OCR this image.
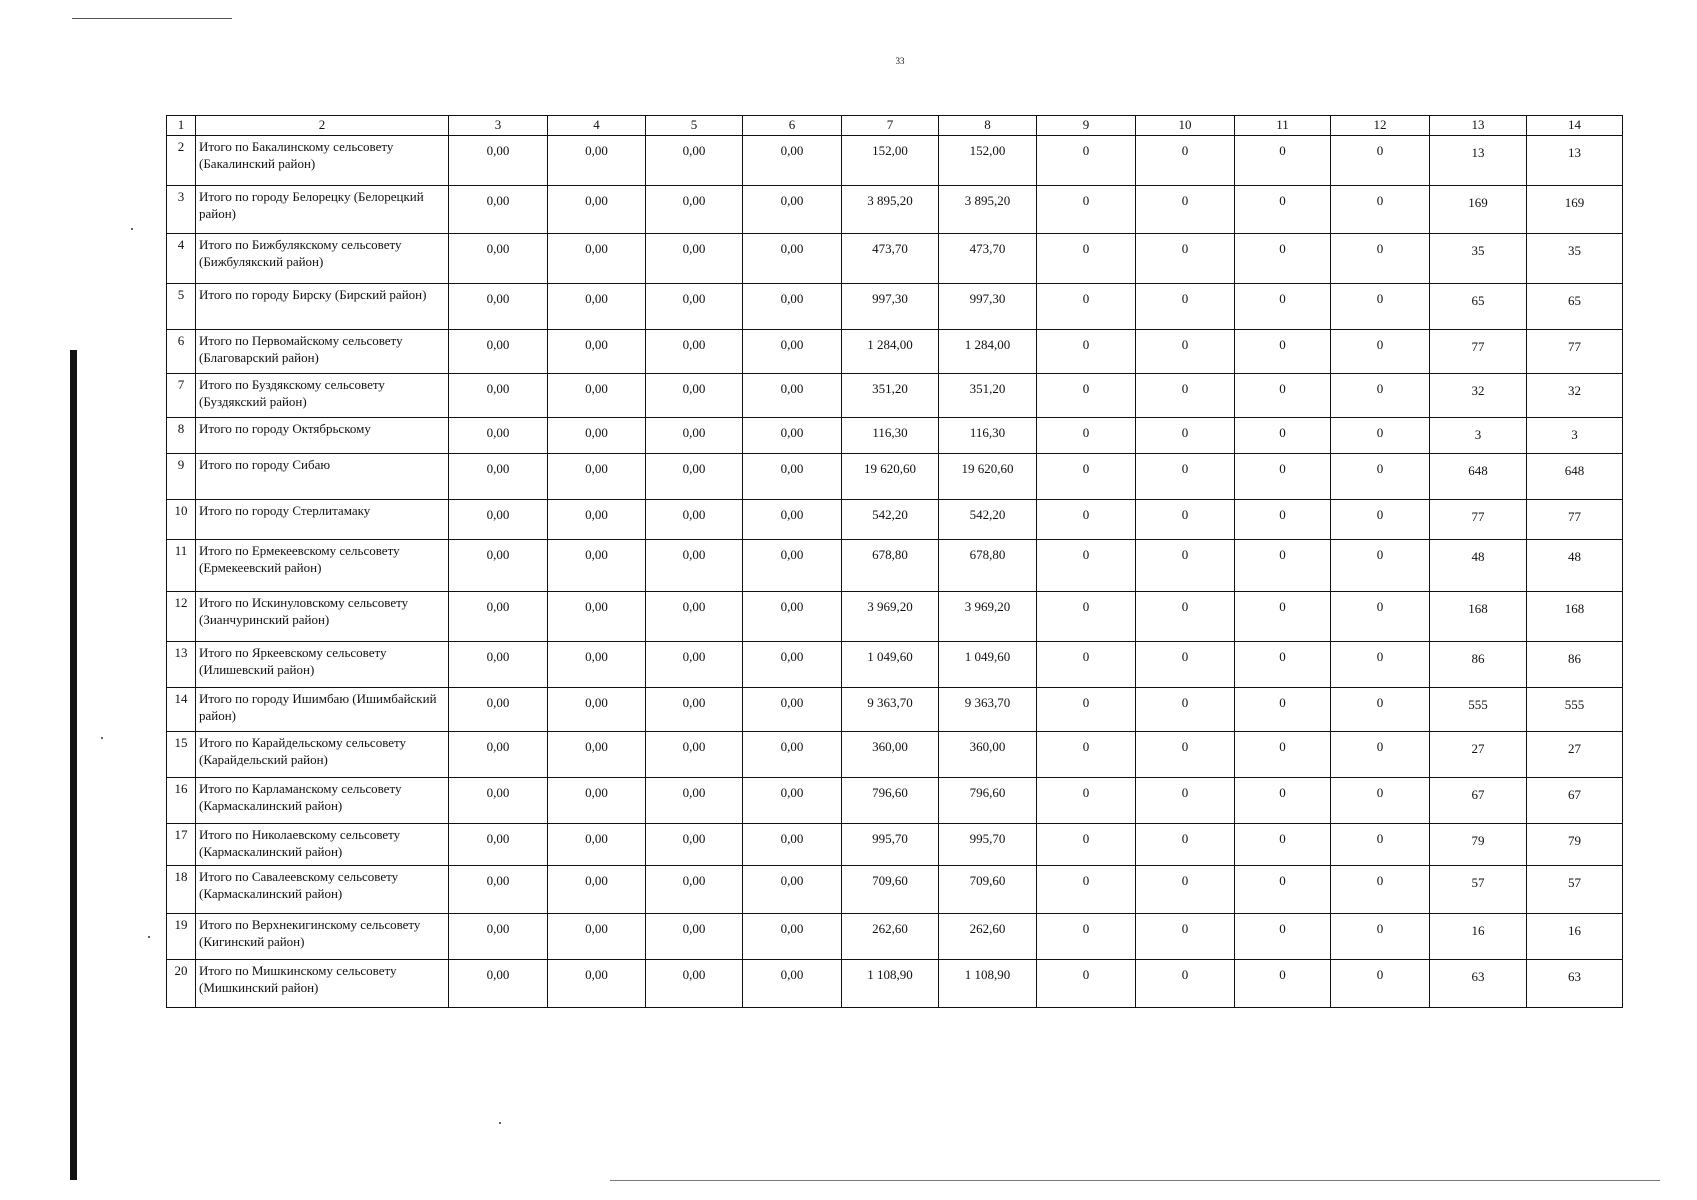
33
1	2	3	4	5	6	7	8	9	10	11	12	13	14
2	Итого по Бакалинскому сельсовету (Бакалинский район)	0,00	0,00	0,00	0,00	152,00	152,00	0	0	0	0	13	13
3	Итого по городу Белорецку (Белорецкий район)	0,00	0,00	0,00	0,00	3 895,20	3 895,20	0	0	0	0	169	169
4	Итого по Бижбулякскому сельсовету (Бижбулякский район)	0,00	0,00	0,00	0,00	473,70	473,70	0	0	0	0	35	35
5	Итого по городу Бирску (Бирский район)	0,00	0,00	0,00	0,00	997,30	997,30	0	0	0	0	65	65
6	Итого по Первомайскому сельсовету (Благоварский район)	0,00	0,00	0,00	0,00	1 284,00	1 284,00	0	0	0	0	77	77
7	Итого по Буздякскому сельсовету (Буздякский район)	0,00	0,00	0,00	0,00	351,20	351,20	0	0	0	0	32	32
8	Итого по городу Октябрьскому	0,00	0,00	0,00	0,00	116,30	116,30	0	0	0	0	3	3
9	Итого по городу Сибаю	0,00	0,00	0,00	0,00	19 620,60	19 620,60	0	0	0	0	648	648
10	Итого по городу Стерлитамаку	0,00	0,00	0,00	0,00	542,20	542,20	0	0	0	0	77	77
11	Итого по Ермекеевскому сельсовету (Ермекеевский район)	0,00	0,00	0,00	0,00	678,80	678,80	0	0	0	0	48	48
12	Итого по Искинуловскому сельсовету (Зианчуринский район)	0,00	0,00	0,00	0,00	3 969,20	3 969,20	0	0	0	0	168	168
13	Итого по Яркеевскому сельсовету (Илишевский район)	0,00	0,00	0,00	0,00	1 049,60	1 049,60	0	0	0	0	86	86
14	Итого по городу Ишимбаю (Ишимбайский район)	0,00	0,00	0,00	0,00	9 363,70	9 363,70	0	0	0	0	555	555
15	Итого по Карайдельскому сельсовету (Карайдельский район)	0,00	0,00	0,00	0,00	360,00	360,00	0	0	0	0	27	27
16	Итого по Карламанскому сельсовету (Кармаскалинский район)	0,00	0,00	0,00	0,00	796,60	796,60	0	0	0	0	67	67
17	Итого по Николаевскому сельсовету (Кармаскалинский район)	0,00	0,00	0,00	0,00	995,70	995,70	0	0	0	0	79	79
18	Итого по Савалеевскому сельсовету (Кармаскалинский район)	0,00	0,00	0,00	0,00	709,60	709,60	0	0	0	0	57	57
19	Итого по Верхнекигинскому сельсовету (Кигинский район)	0,00	0,00	0,00	0,00	262,60	262,60	0	0	0	0	16	16
20	Итого по Мишкинскому сельсовету (Мишкинский район)	0,00	0,00	0,00	0,00	1 108,90	1 108,90	0	0	0	0	63	63
